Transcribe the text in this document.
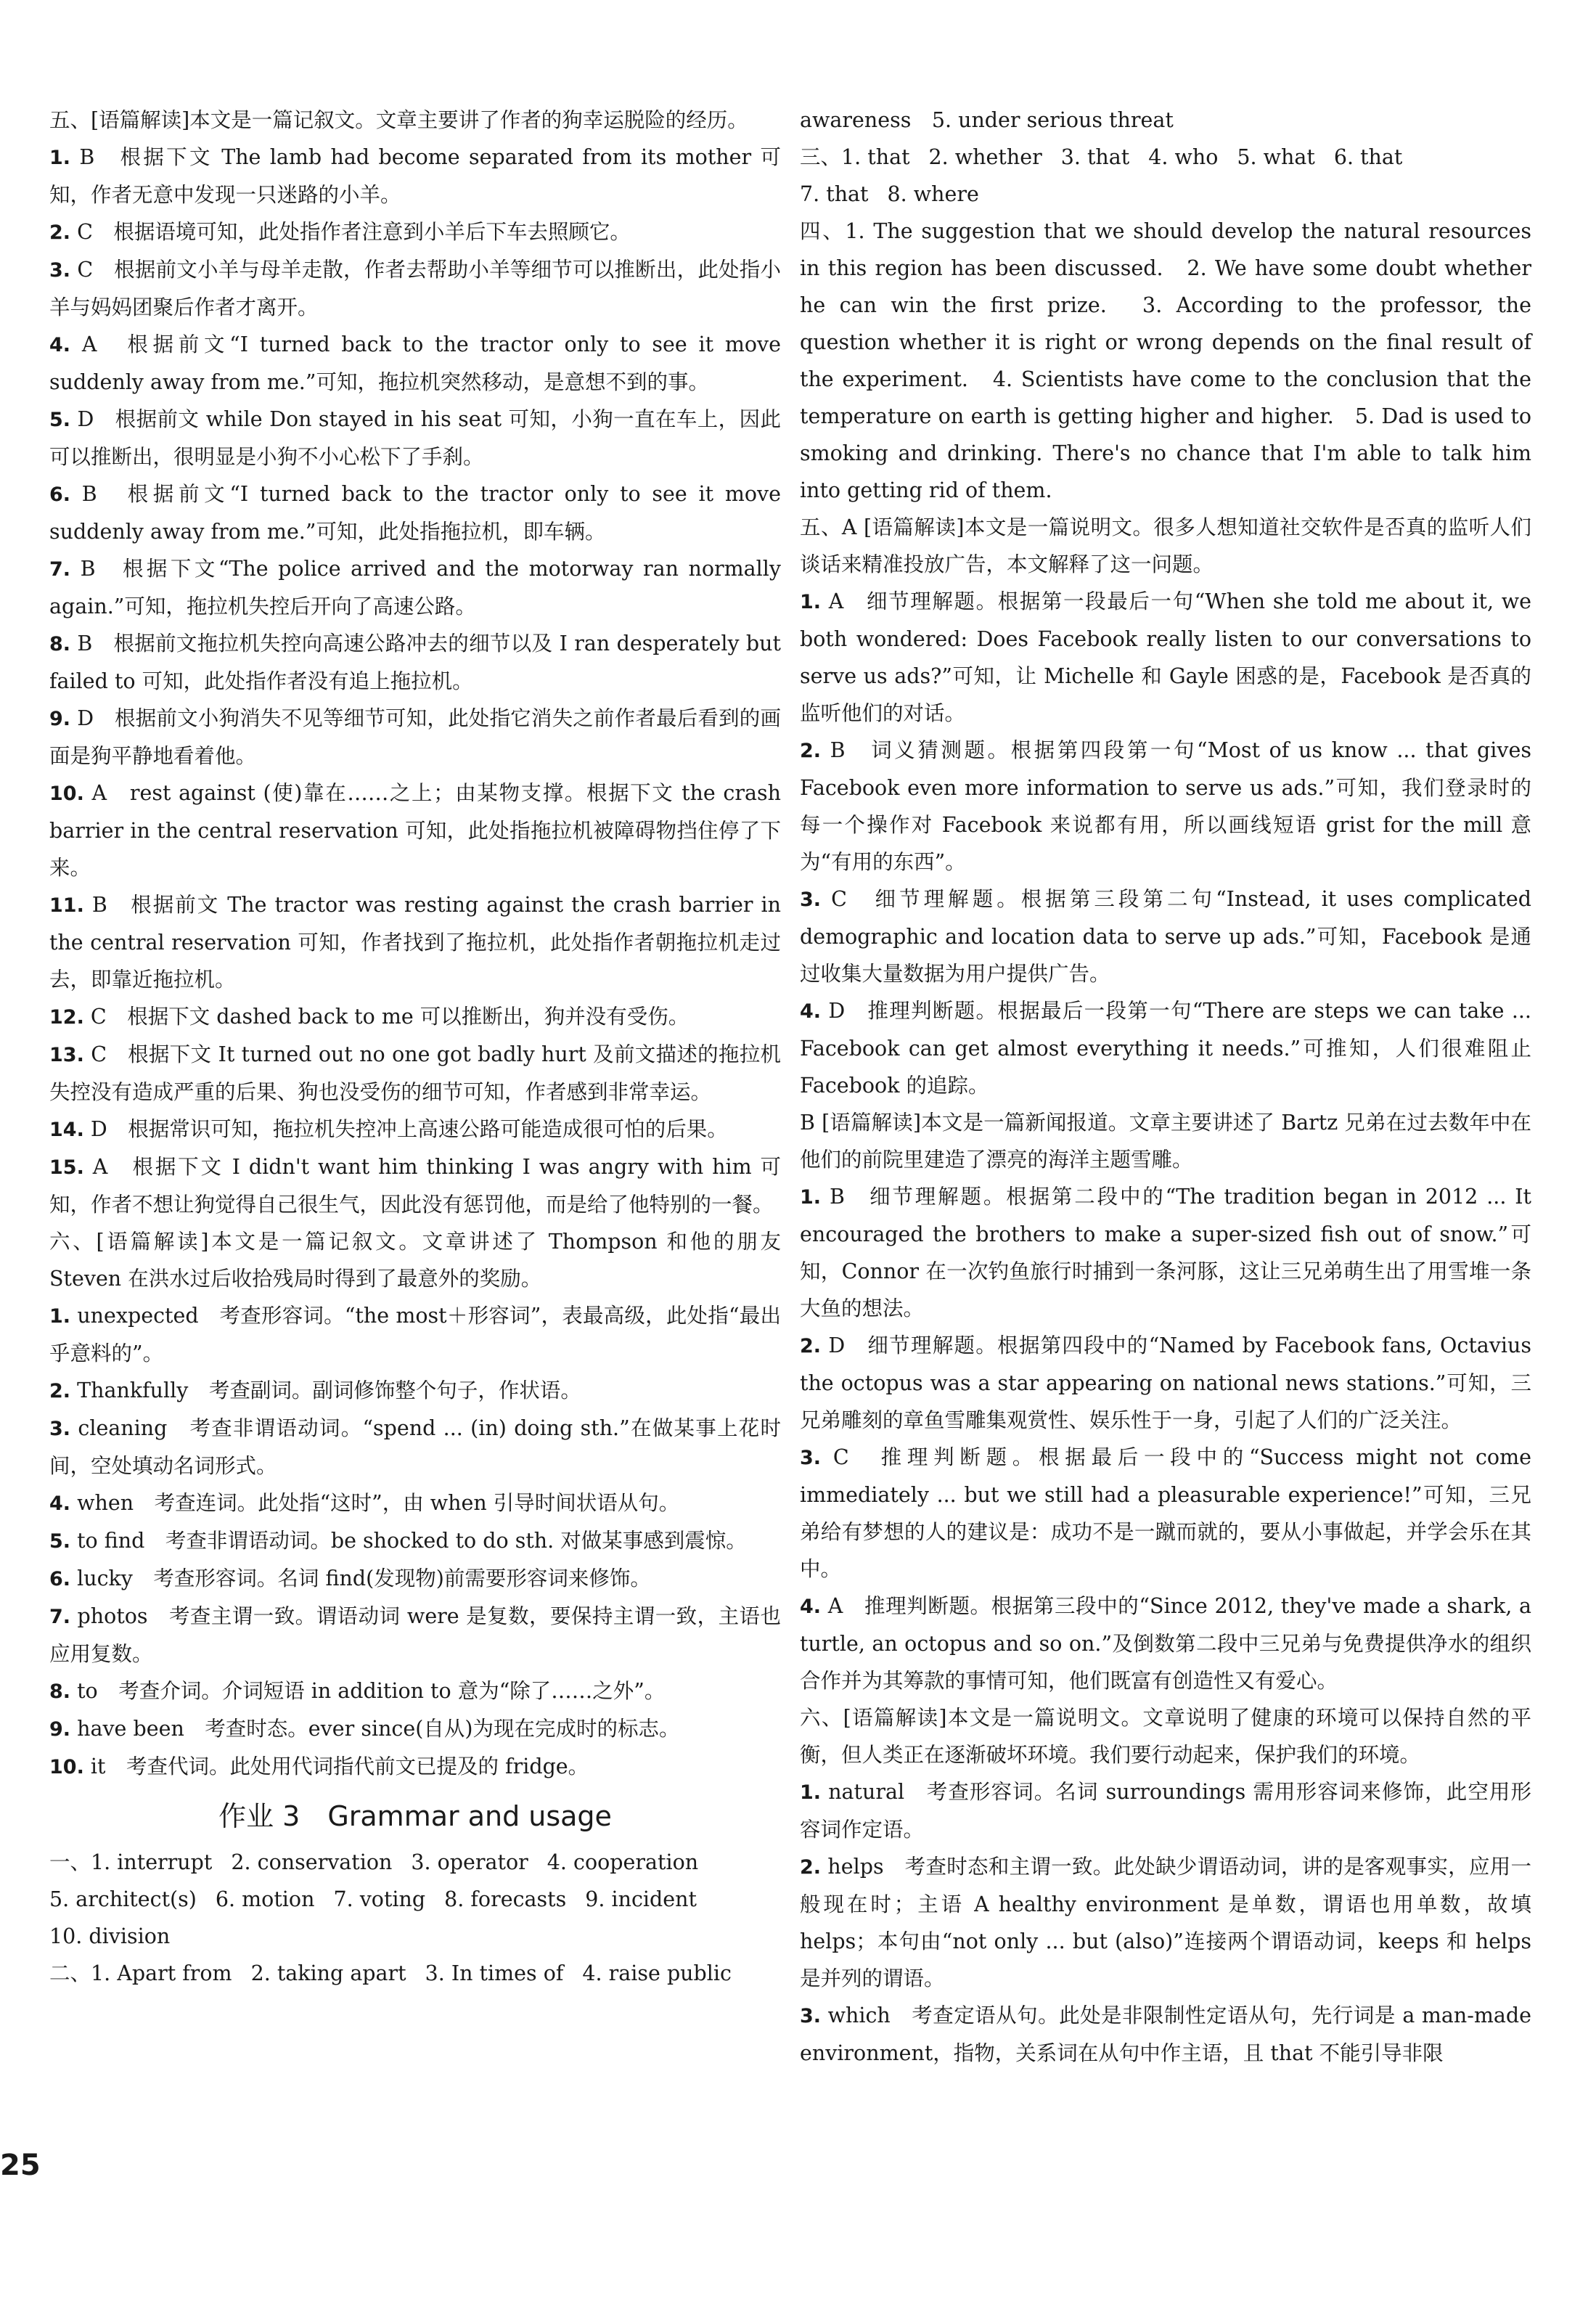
五、[语篇解读]本文是一篇记叙文。文章主要讲了作者的狗幸运脱险的经历。

1. B　根据下文 The lamb had become separated from its mother 可知，作者无意中发现一只迷路的小羊。

2. C　根据语境可知，此处指作者注意到小羊后下车去照顾它。

3. C　根据前文小羊与母羊走散，作者去帮助小羊等细节可以推断出，此处指小羊与妈妈团聚后作者才离开。

4. A　根据前文“I turned back to the tractor only to see it move suddenly away from me.”可知，拖拉机突然移动，是意想不到的事。

5. D　根据前文 while Don stayed in his seat 可知，小狗一直在车上，因此可以推断出，很明显是小狗不小心松下了手刹。

6. B　根据前文“I turned back to the tractor only to see it move suddenly away from me.”可知，此处指拖拉机，即车辆。

7. B　根据下文“The police arrived and the motorway ran normally again.”可知，拖拉机失控后开向了高速公路。

8. B　根据前文拖拉机失控向高速公路冲去的细节以及 I ran desperately but failed to 可知，此处指作者没有追上拖拉机。

9. D　根据前文小狗消失不见等细节可知，此处指它消失之前作者最后看到的画面是狗平静地看着他。

10. A　rest against (使)靠在……之上；由某物支撑。根据下文 the crash barrier in the central reservation 可知，此处指拖拉机被障碍物挡住停了下来。

11. B　根据前文 The tractor was resting against the crash barrier in the central reservation 可知，作者找到了拖拉机，此处指作者朝拖拉机走过去，即靠近拖拉机。

12. C　根据下文 dashed back to me 可以推断出，狗并没有受伤。

13. C　根据下文 It turned out no one got badly hurt 及前文描述的拖拉机失控没有造成严重的后果、狗也没受伤的细节可知，作者感到非常幸运。

14. D　根据常识可知，拖拉机失控冲上高速公路可能造成很可怕的后果。

15. A　根据下文 I didn't want him thinking I was angry with him 可知，作者不想让狗觉得自己很生气，因此没有惩罚他，而是给了他特别的一餐。

六、[语篇解读]本文是一篇记叙文。文章讲述了 Thompson 和他的朋友 Steven 在洪水过后收拾残局时得到了最意外的奖励。

1. unexpected　考查形容词。“the most＋形容词”，表最高级，此处指“最出乎意料的”。

2. Thankfully　考查副词。副词修饰整个句子，作状语。

3. cleaning　考查非谓语动词。“spend ... (in) doing sth.”在做某事上花时间，空处填动名词形式。

4. when　考查连词。此处指“这时”，由 when 引导时间状语从句。

5. to find　考查非谓语动词。be shocked to do sth. 对做某事感到震惊。

6. lucky　考查形容词。名词 find(发现物)前需要形容词来修饰。

7. photos　考查主谓一致。谓语动词 were 是复数，要保持主谓一致，主语也应用复数。

8. to　考查介词。介词短语 in addition to 意为“除了……之外”。

9. have been　考查时态。ever since(自从)为现在完成时的标志。

10. it　考查代词。此处用代词指代前文已提及的 fridge。

作业 3　Grammar and usage

一、1. interrupt 2. conservation 3. operator 4. cooperation

5. architect(s) 6. motion 7. voting 8. forecasts 9. incident

10. division

二、1. Apart from 2. taking apart 3. In times of 4. raise public

awareness　5. under serious threat

三、1. that 2. whether 3. that 4. who 5. what 6. that

7. that 8. where

四、1. The suggestion that we should develop the natural resources in this region has been discussed.　2. We have some doubt whether he can win the first prize.　3. According to the professor, the question whether it is right or wrong depends on the final result of the experiment.　4. Scientists have come to the conclusion that the temperature on earth is getting higher and higher.　5. Dad is used to smoking and drinking. There's no chance that I'm able to talk him into getting rid of them.

五、A [语篇解读]本文是一篇说明文。很多人想知道社交软件是否真的监听人们谈话来精准投放广告，本文解释了这一问题。

1. A　细节理解题。根据第一段最后一句“When she told me about it, we both wondered: Does Facebook really listen to our conversations to serve us ads?”可知，让 Michelle 和 Gayle 困惑的是，Facebook 是否真的监听他们的对话。

2. B　词义猜测题。根据第四段第一句“Most of us know ... that gives Facebook even more information to serve us ads.”可知，我们登录时的每一个操作对 Facebook 来说都有用，所以画线短语 grist for the mill 意为“有用的东西”。

3. C　细节理解题。根据第三段第二句“Instead, it uses complicated demographic and location data to serve up ads.”可知，Facebook 是通过收集大量数据为用户提供广告。

4. D　推理判断题。根据最后一段第一句“There are steps we can take ... Facebook can get almost everything it needs.”可推知，人们很难阻止 Facebook 的追踪。

B [语篇解读]本文是一篇新闻报道。文章主要讲述了 Bartz 兄弟在过去数年中在他们的前院里建造了漂亮的海洋主题雪雕。

1. B　细节理解题。根据第二段中的“The tradition began in 2012 ... It encouraged the brothers to make a super-sized fish out of snow.”可知，Connor 在一次钓鱼旅行时捕到一条河豚，这让三兄弟萌生出了用雪堆一条大鱼的想法。

2. D　细节理解题。根据第四段中的“Named by Facebook fans, Octavius the octopus was a star appearing on national news stations.”可知，三兄弟雕刻的章鱼雪雕集观赏性、娱乐性于一身，引起了人们的广泛关注。

3. C　推理判断题。根据最后一段中的“Success might not come immediately ... but we still had a pleasurable experience!”可知，三兄弟给有梦想的人的建议是：成功不是一蹴而就的，要从小事做起，并学会乐在其中。

4. A　推理判断题。根据第三段中的“Since 2012, they've made a shark, a turtle, an octopus and so on.”及倒数第二段中三兄弟与免费提供净水的组织合作并为其筹款的事情可知，他们既富有创造性又有爱心。

六、[语篇解读]本文是一篇说明文。文章说明了健康的环境可以保持自然的平衡，但人类正在逐渐破坏环境。我们要行动起来，保护我们的环境。

1. natural　考查形容词。名词 surroundings 需用形容词来修饰，此空用形容词作定语。

2. helps　考查时态和主谓一致。此处缺少谓语动词，讲的是客观事实，应用一般现在时；主语 A healthy environment 是单数，谓语也用单数，故填 helps；本句由“not only ... but (also)”连接两个谓语动词，keeps 和 helps 是并列的谓语。

3. which　考查定语从句。此处是非限制性定语从句，先行词是 a man-made environment，指物，关系词在从句中作主语，且 that 不能引导非限

25
